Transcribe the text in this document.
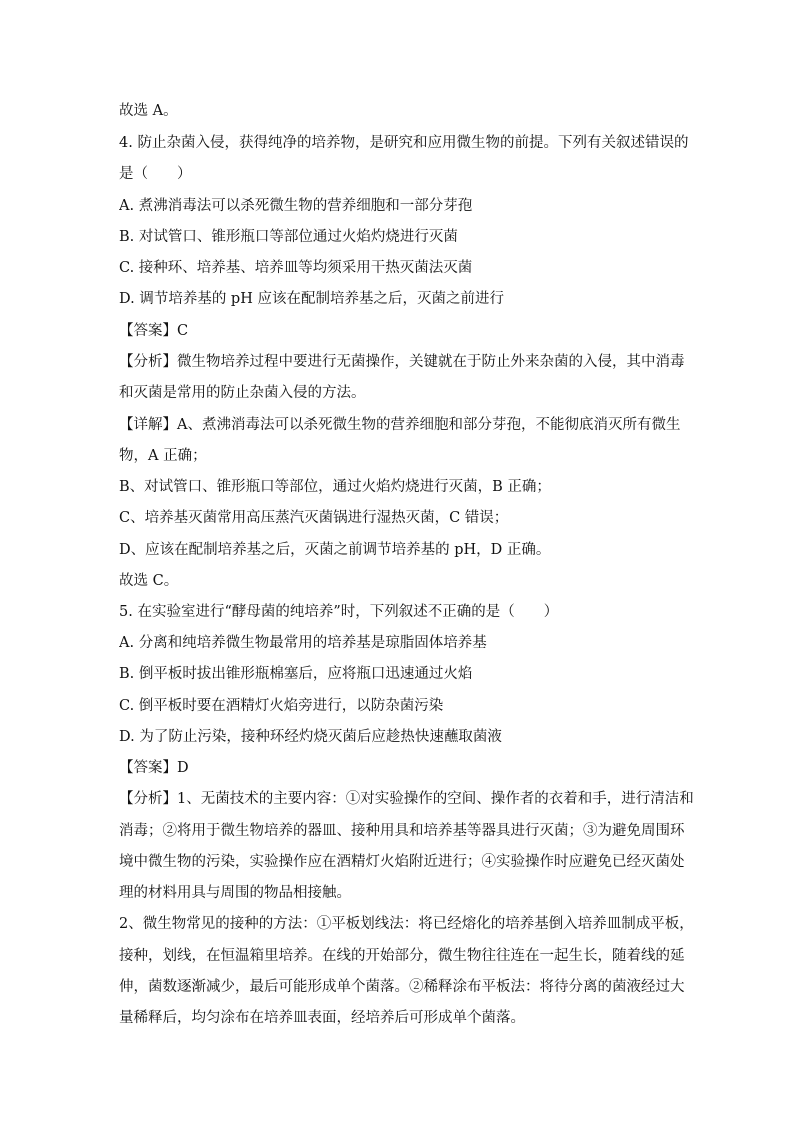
故选 A。
4. 防止杂菌入侵，获得纯净的培养物，是研究和应用微生物的前提。下列有关叙述错误的
是（　　）
A. 煮沸消毒法可以杀死微生物的营养细胞和一部分芽孢
B. 对试管口、锥形瓶口等部位通过火焰灼烧进行灭菌
C. 接种环、培养基、培养皿等均须采用干热灭菌法灭菌
D. 调节培养基的 pH 应该在配制培养基之后，灭菌之前进行
【答案】C
【分析】微生物培养过程中要进行无菌操作，关键就在于防止外来杂菌的入侵，其中消毒
和灭菌是常用的防止杂菌入侵的方法。
【详解】A、煮沸消毒法可以杀死微生物的营养细胞和部分芽孢，不能彻底消灭所有微生
物，A 正确；
B、对试管口、锥形瓶口等部位，通过火焰灼烧进行灭菌，B 正确；
C、培养基灭菌常用高压蒸汽灭菌锅进行湿热灭菌，C 错误；
D、应该在配制培养基之后，灭菌之前调节培养基的 pH，D 正确。
故选 C。
5. 在实验室进行“酵母菌的纯培养”时，下列叙述不正确的是（　　）
A. 分离和纯培养微生物最常用的培养基是琼脂固体培养基
B. 倒平板时拔出锥形瓶棉塞后，应将瓶口迅速通过火焰
C. 倒平板时要在酒精灯火焰旁进行，以防杂菌污染
D. 为了防止污染，接种环经灼烧灭菌后应趁热快速蘸取菌液
【答案】D
【分析】1、无菌技术的主要内容：①对实验操作的空间、操作者的衣着和手，进行清洁和
消毒；②将用于微生物培养的器皿、接种用具和培养基等器具进行灭菌；③为避免周围环
境中微生物的污染，实验操作应在酒精灯火焰附近进行；④实验操作时应避免已经灭菌处
理的材料用具与周围的物品相接触。
2、微生物常见的接种的方法：①平板划线法：将已经熔化的培养基倒入培养皿制成平板，
接种，划线，在恒温箱里培养。在线的开始部分，微生物往往连在一起生长，随着线的延
伸，菌数逐渐减少，最后可能形成单个菌落。②稀释涂布平板法：将待分离的菌液经过大
量稀释后，均匀涂布在培养皿表面，经培养后可形成单个菌落。
